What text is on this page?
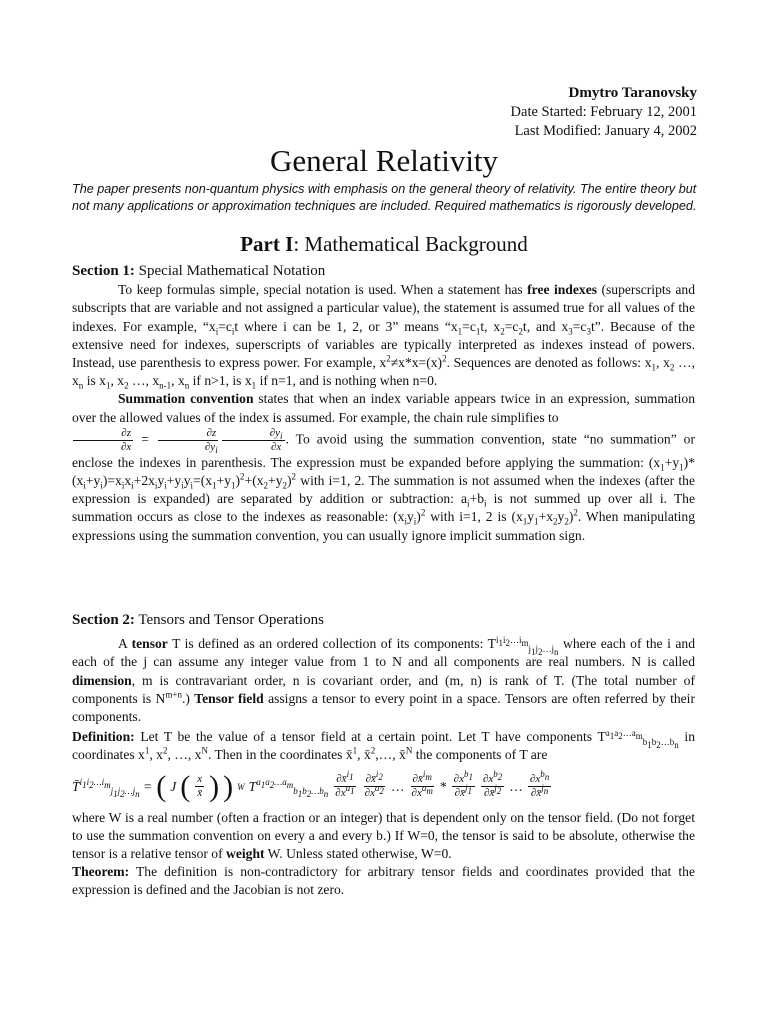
Dmytro Taranovsky
Date Started: February 12, 2001
Last Modified: January 4, 2002
General Relativity
The paper presents non-quantum physics with emphasis on the general theory of relativity. The entire theory but not many applications or approximation techniques are included. Required mathematics is rigorously developed.
Part I: Mathematical Background
Section 1: Special Mathematical Notation

To keep formulas simple, special notation is used. When a statement has free indexes (superscripts and subscripts that are variable and not assigned a particular value), the statement is assumed true for all values of the indexes. For example, “$x_i=c_it$ where i can be 1, 2, or 3” means “$x_1=c_1t$, $x_2=c_2t$, and $x_3=c_3t$”. Because of the extensive need for indexes, superscripts of variables are typically interpreted as indexes instead of powers. Instead, use parenthesis to express power. For example, $x^2\ne x*x=(x)^2$. Sequences are denoted as follows: $x_1$, $x_2$ …, $x_n$ is $x_1$, $x_2$ …, $x_{n-1}$, $x_n$ if n>1, is $x_1$ if n=1, and is nothing when n=0.

Summation convention states that when an index variable appears twice in an expression, summation over the allowed values of the index is assumed. For example, the chain rule simplifies to

$\frac{\partial z}{\partial x} = \frac{\partial z}{\partial y_i} \frac{\partial y_i}{\partial x}$ . To avoid using the summation convention, state “no summation” or enclose the indexes in parenthesis. The expression must be expanded before applying the summation: $(x_1+y_1)*(x_i+y_i)=x_ix_i+2x_iy_i+y_iy_i=(x_1+y_1)^2+(x_2+y_2)^2$ with i=1, 2. The summation is not assumed when the indexes (after the expression is expanded) are separated by addition or subtraction: $a_i+b_i$ is not summed up over all i. The summation occurs as close to the indexes as reasonable: $(x_iy_i)^2$ with i=1, 2 is $(x_1y_1+x_2y_2)^2$. When manipulating expressions using the summation convention, you can usually ignore implicit summation sign.

Section 2: Tensors and Tensor Operations

A tensor T is defined as an ordered collection of its components: $T^{i_1i_2\dots i_m}_{j_1j_2\dots j_n}$ where each of the i and each of the j can assume any integer value from 1 to N and all components are real numbers. N is called dimension, m is contravariant order, n is covariant order, and (m, n) is rank of T. (The total number of components is $N^{m+n}$.) Tensor field assigns a tensor to every point in a space. Tensors are often referred by their components.

Definition: Let T be the value of a tensor field at a certain point. Let T have components $T^{a_1a_2\dots a_m}_{b_1b_2\dots b_n}$ in coordinates $x^1$, $x^2$, …, $x^N$. Then in the coordinates x̄$^1$, x̄$^2$,…, x̄$^N$ the components of T are

T̄$^{i_1i_2\dots i_m}_{j_1j_2\dots j_n}$ = ( J ( $\frac{x}{x̄}$ ) ) W $T^{a_1a_2\dots a_m}_{b_1b_2\dots b_n} \frac{\partial x̄^{i_1}}{\partial x^{a_1}} \frac{\partial x̄^{i_2}}{\partial x^{a_2}}$ … $\frac{\partial x̄^{i_m}}{\partial x^{a_m}} * \frac{\partial x^{b_1}}{\partial x̄^{j_1}} \frac{\partial x^{b_2}}{\partial x̄^{j_2}}$ … $\frac{\partial x^{b_n}}{\partial x̄^{j_n}}$

where W is a real number (often a fraction or an integer) that is dependent only on the tensor field. (Do not forget to use the summation convention on every a and every b.) If W=0, the tensor is said to be absolute, otherwise the tensor is a relative tensor of weight W. Unless stated otherwise, W=0.

Theorem: The definition is non-contradictory for arbitrary tensor fields and coordinates provided that the expression is defined and the Jacobian is not zero.
